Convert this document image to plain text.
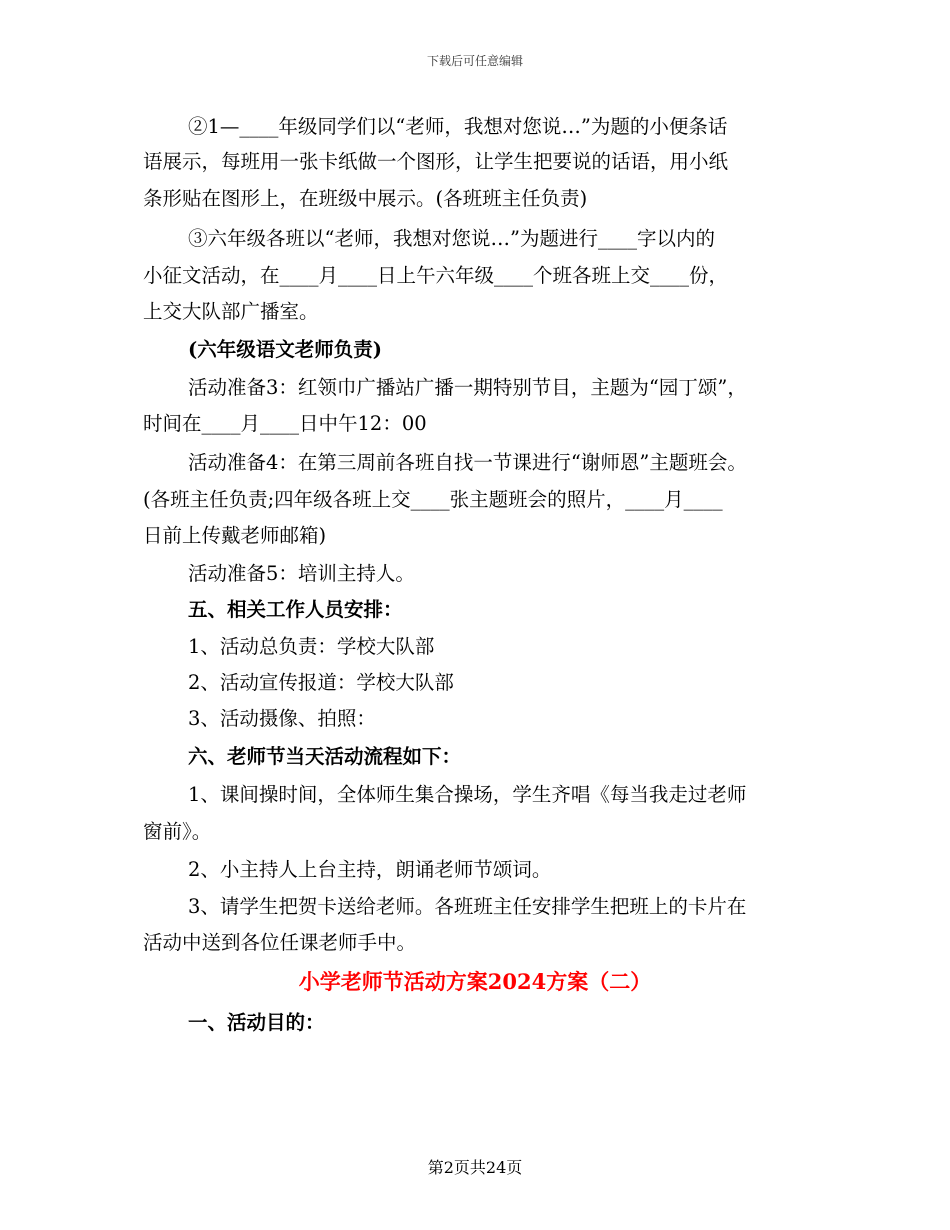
下载后可任意编辑
②1—____年级同学们以“老师，我想对您说…”为题的小便条话
语展示，每班用一张卡纸做一个图形，让学生把要说的话语，用小纸
条形贴在图形上，在班级中展示。(各班班主任负责)
③六年级各班以“老师，我想对您说…”为题进行____字以内的
小征文活动，在____月____日上午六年级____个班各班上交____份，
上交大队部广播室。
(六年级语文老师负责)
活动准备3：红领巾广播站广播一期特别节目，主题为“园丁颂”，
时间在____月____日中午12：00
活动准备4：在第三周前各班自找一节课进行“谢师恩”主题班会。
(各班主任负责;四年级各班上交____张主题班会的照片，____月____
日前上传戴老师邮箱)
活动准备5：培训主持人。
五、相关工作人员安排：
1、活动总负责：学校大队部
2、活动宣传报道：学校大队部
3、活动摄像、拍照：
六、老师节当天活动流程如下：
1、课间操时间，全体师生集合操场，学生齐唱《每当我走过老师
窗前》。
2、小主持人上台主持，朗诵老师节颂词。
3、请学生把贺卡送给老师。各班班主任安排学生把班上的卡片在
活动中送到各位任课老师手中。
小学老师节活动方案2024方案（二）
一、活动目的：
第2页共24页
